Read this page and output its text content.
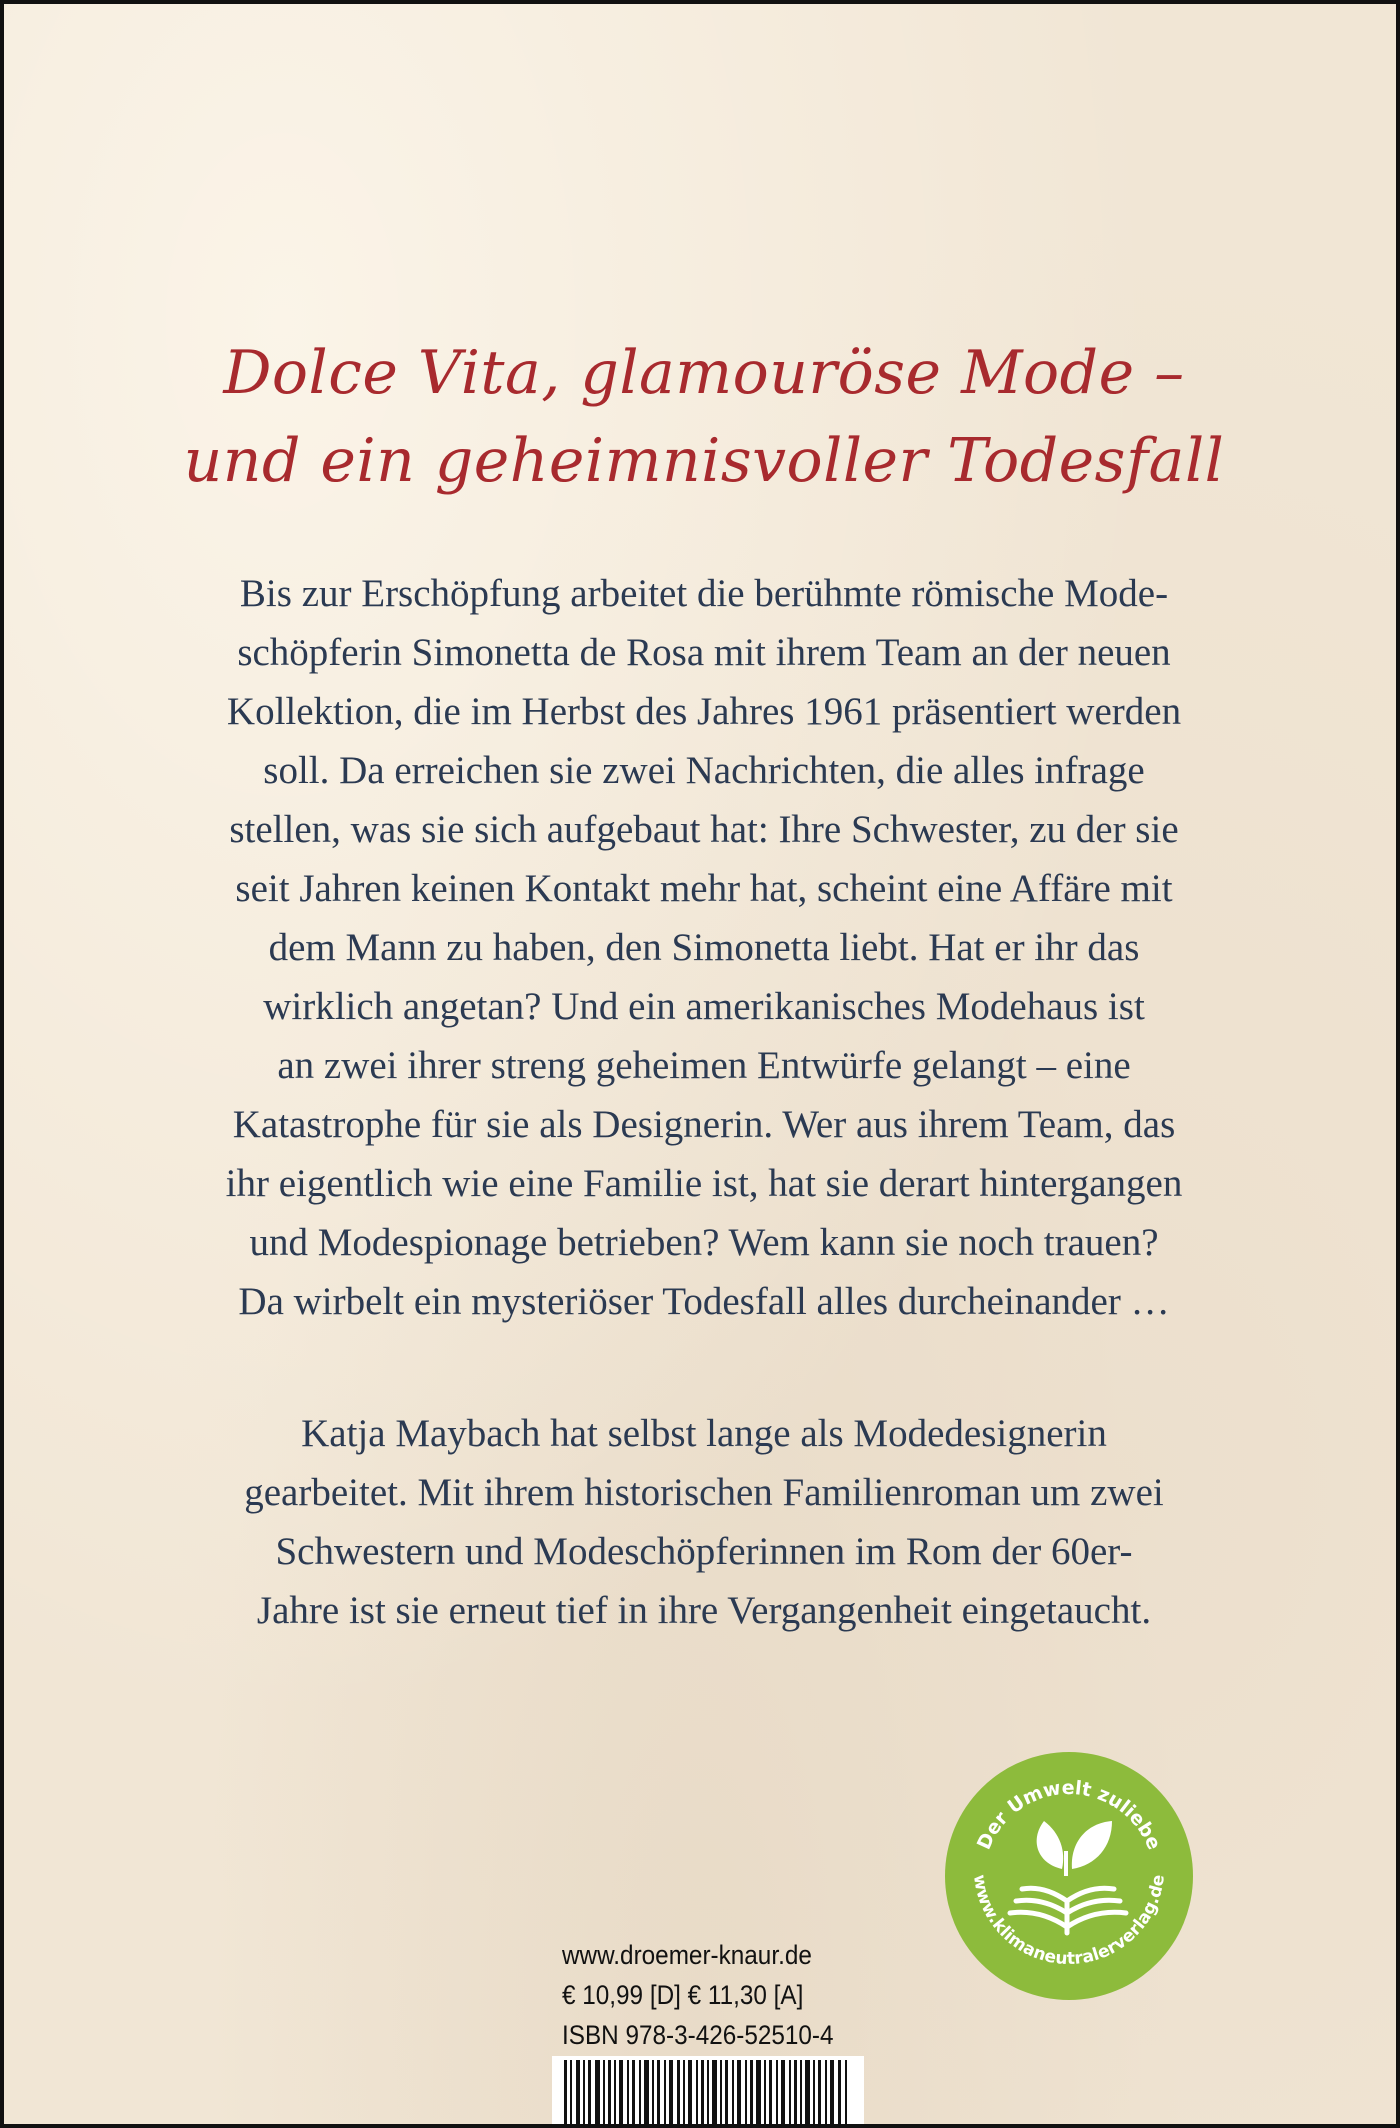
Dolce Vita, glamouröse Mode –
und ein geheimnisvoller Todesfall
Bis zur Erschöpfung arbeitet die berühmte römische Mode-
schöpferin Simonetta de Rosa mit ihrem Team an der neuen
Kollektion, die im Herbst des Jahres 1961 präsentiert werden
soll. Da erreichen sie zwei Nachrichten, die alles infrage
stellen, was sie sich aufgebaut hat: Ihre Schwester, zu der sie
seit Jahren keinen Kontakt mehr hat, scheint eine Affäre mit
dem Mann zu haben, den Simonetta liebt. Hat er ihr das
wirklich angetan? Und ein amerikanisches Modehaus ist
an zwei ihrer streng geheimen Entwürfe gelangt – eine
Katastrophe für sie als Designerin. Wer aus ihrem Team, das
ihr eigentlich wie eine Familie ist, hat sie derart hintergangen
und Modespionage betrieben? Wem kann sie noch trauen?
Da wirbelt ein mysteriöser Todesfall alles durcheinander …
Katja Maybach hat selbst lange als Modedesignerin
gearbeitet. Mit ihrem historischen Familienroman um zwei
Schwestern und Modeschöpferinnen im Rom der 60er-
Jahre ist sie erneut tief in ihre Vergangenheit eingetaucht.
Der Umwelt zuliebe
www.klimaneutralerverlag.de
www.droemer-knaur.de
€ 10,99 [D] € 11,30 [A]
ISBN 978-3-426-52510-4
